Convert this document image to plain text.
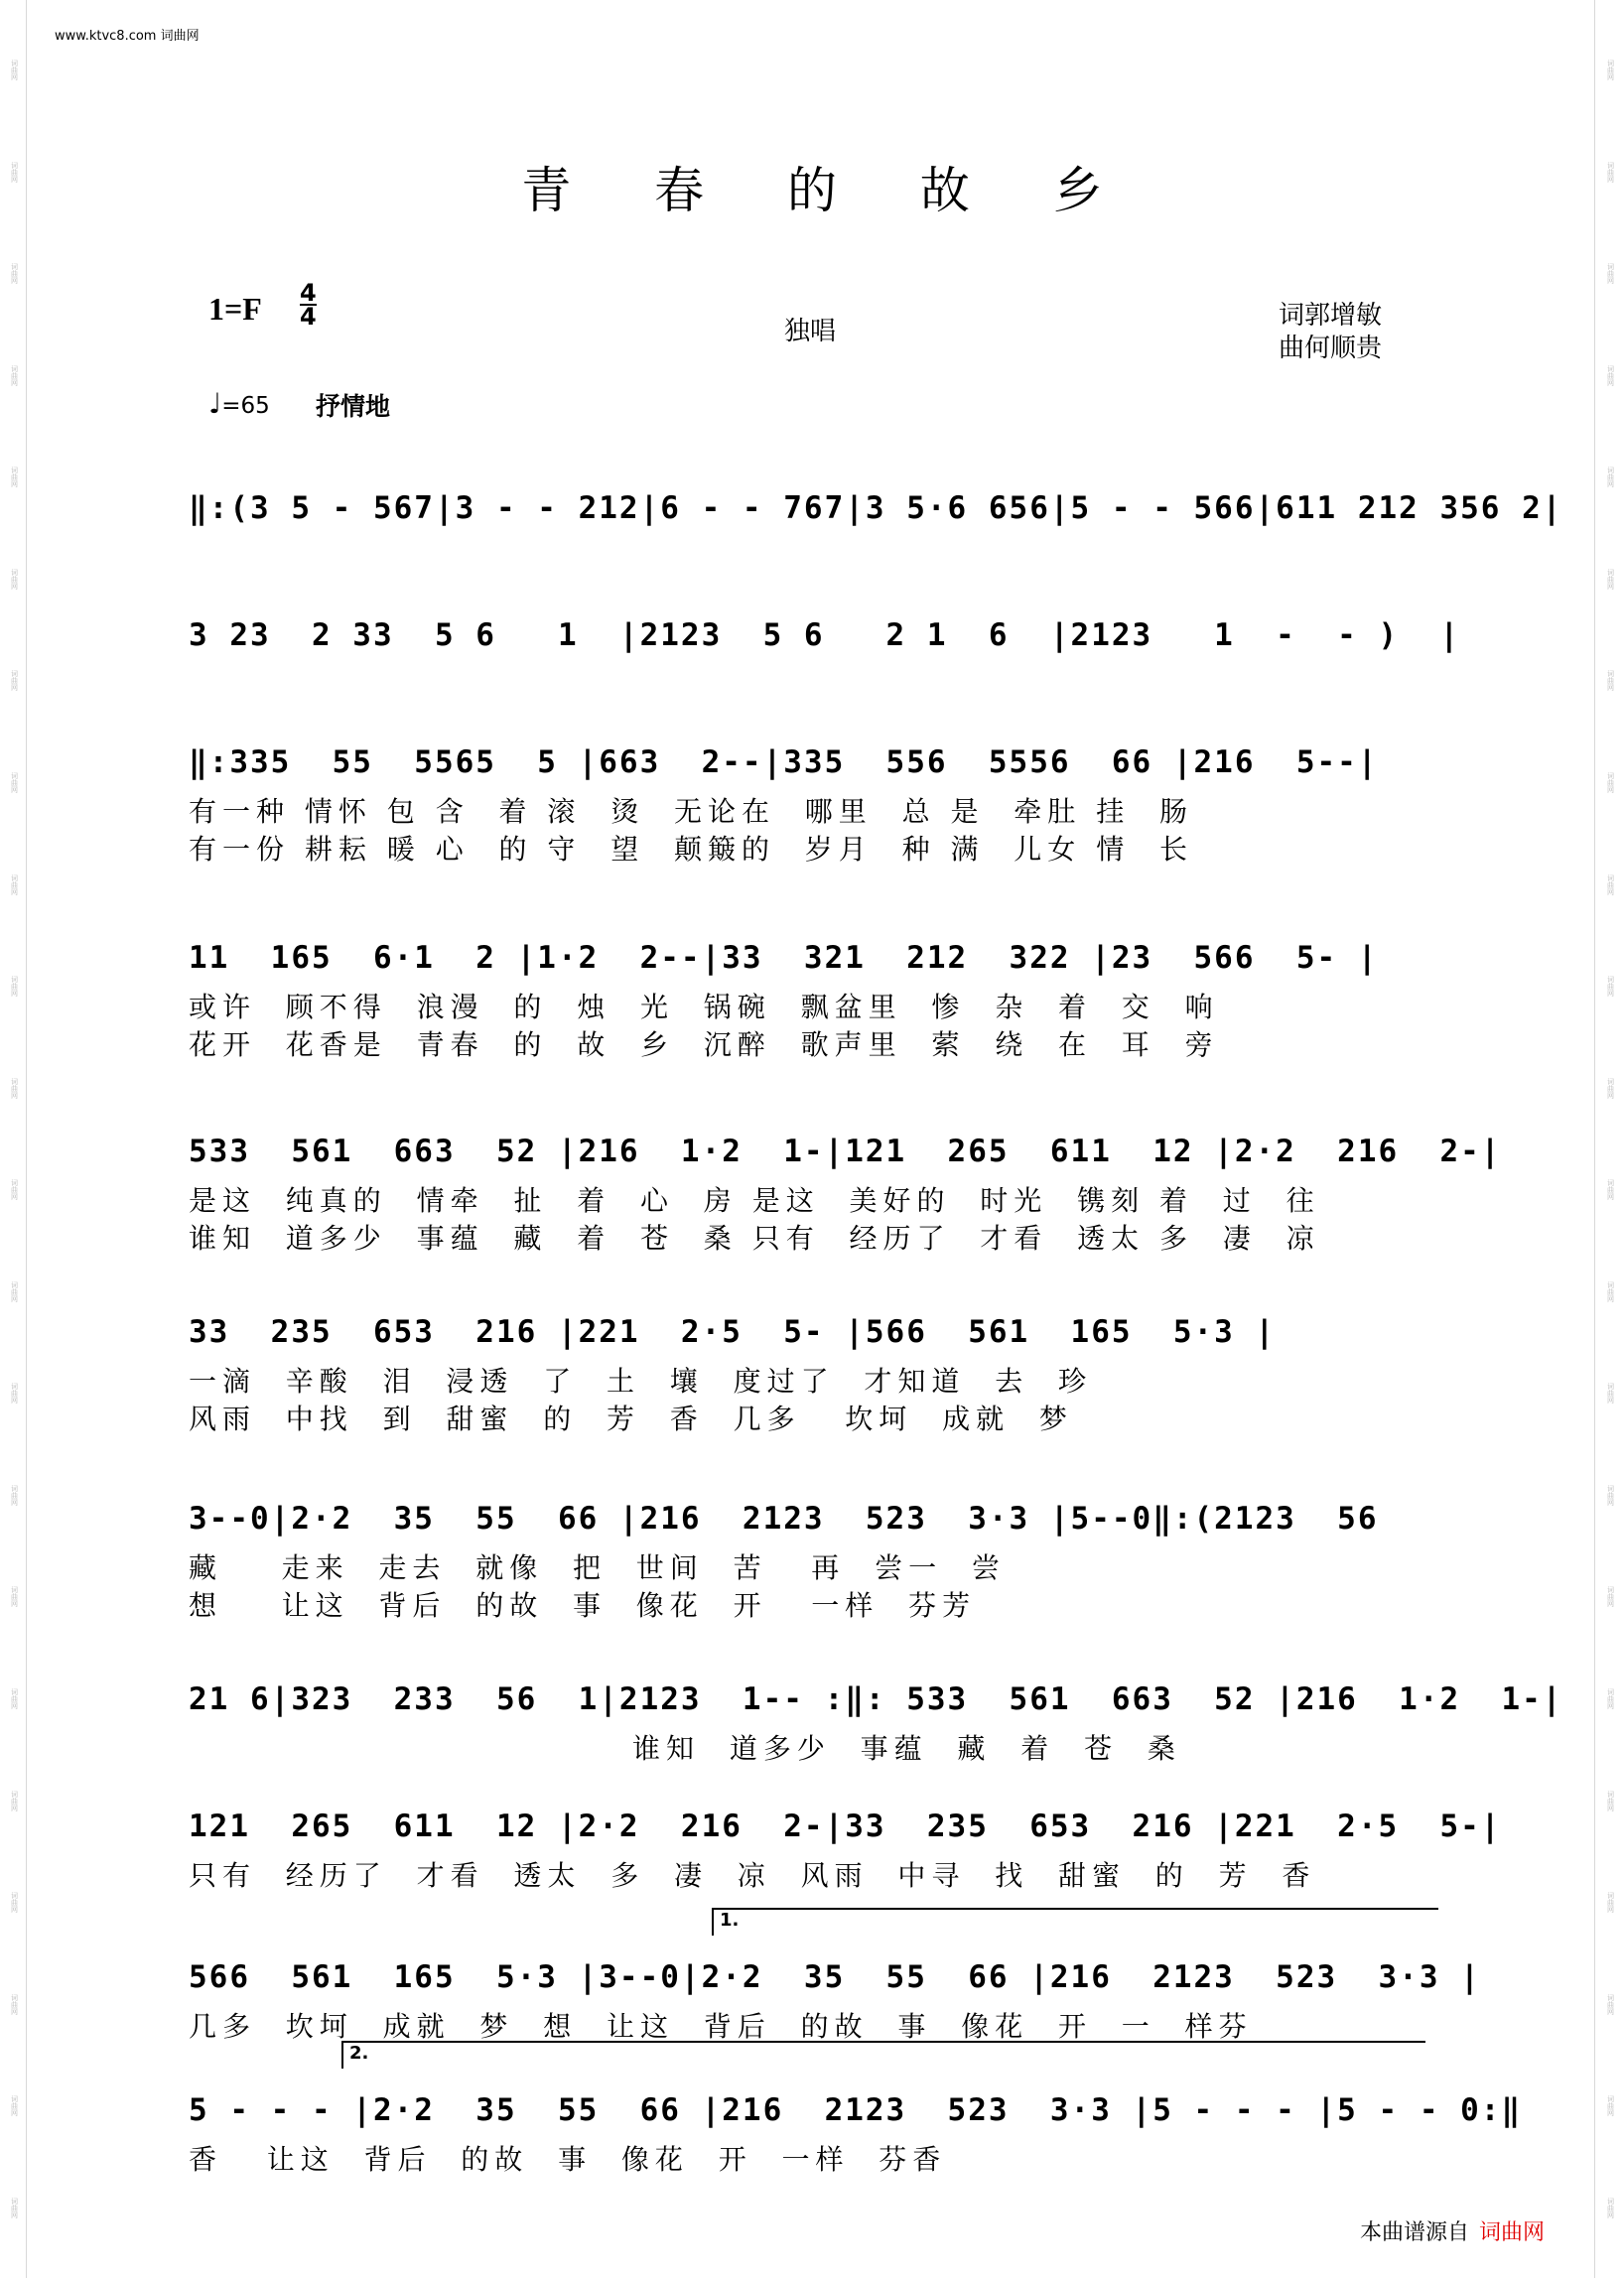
词曲网
词曲网
词曲网
词曲网
词曲网
词曲网
词曲网
词曲网
词曲网
词曲网
词曲网
词曲网
词曲网
词曲网
词曲网
词曲网
词曲网
词曲网
词曲网
词曲网
词曲网
词曲网
词曲网
词曲网
词曲网
词曲网
词曲网
词曲网
词曲网
词曲网
词曲网
词曲网
词曲网
词曲网
词曲网
词曲网
词曲网
词曲网
词曲网
词曲网
词曲网
词曲网
词曲网
词曲网
www.ktvc8.com 词曲网
青 春 的 故 乡
1=F 4
4	独唱
词郭增敏
曲何顺贵
♩=65 抒情地
‖:(3 5 - 567|3 - - 212|6 - - 767|3 5·6 656|5 - - 566|611 212 356 2|
3 23  2 33  5 6   1  |2123  5 6   2 1  6  |2123   1  -  - )  |
‖:335  55  5565  5 |663  2--|335  556  5556  66 |216  5--|
有一种 情怀 包 含  着 滚  烫  无论在  哪里  总 是  牵肚 挂  肠
有一份 耕耘 暖 心  的 守  望  颠簸的  岁月  种 满  儿女 情  长
11  165  6·1  2 |1·2  2--|33  321  212  322 |23  566  5- |
或许  顾不得  浪漫  的  烛  光  锅碗  飘盆里  惨  杂  着  交  响
花开  花香是  青春  的  故  乡  沉醉  歌声里  萦  绕  在  耳  旁
533  561  663  52 |216  1·2  1-|121  265  611  12 |2·2  216  2-|
是这  纯真的  情牵  扯  着  心  房 是这  美好的  时光  镌刻 着  过  往
谁知  道多少  事蕴  藏  着  苍  桑 只有  经历了  才看  透太 多  凄  凉
33  235  653  216 |221  2·5  5- |566  561  165  5·3 |
一滴  辛酸  泪  浸透  了  土  壤  度过了  才知道  去  珍
风雨  中找  到  甜蜜  的  芳  香  几多   坎坷  成就  梦
3--0|2·2  35  55  66 |216  2123  523  3·3 |5--0‖:(2123  56
藏    走来  走去  就像  把  世间  苦   再  尝一  尝
想    让这  背后  的故  事  像花  开   一样  芬芳
21 6|323  233  56  1|2123  1-- :‖: 533  561  663  52 |216  1·2  1-|
谁知  道多少  事蕴  藏  着  苍  桑
121  265  611  12 |2·2  216  2-|33  235  653  216 |221  2·5  5-|
只有  经历了  才看  透太  多  凄  凉  风雨  中寻  找  甜蜜  的  芳  香
566  561  165  5·3 |3--0|2·2  35  55  66 |216  2123  523  3·3 |
几多  坎坷  成就  梦  想  让这  背后  的故  事  像花  开  一  样芬
5 - - - |2·2  35  55  66 |216  2123  523  3·3 |5 - - - |5 - - 0:‖
香   让这  背后  的故  事  像花  开  一样  芬香
1.
2.
本曲谱源自 词曲网
